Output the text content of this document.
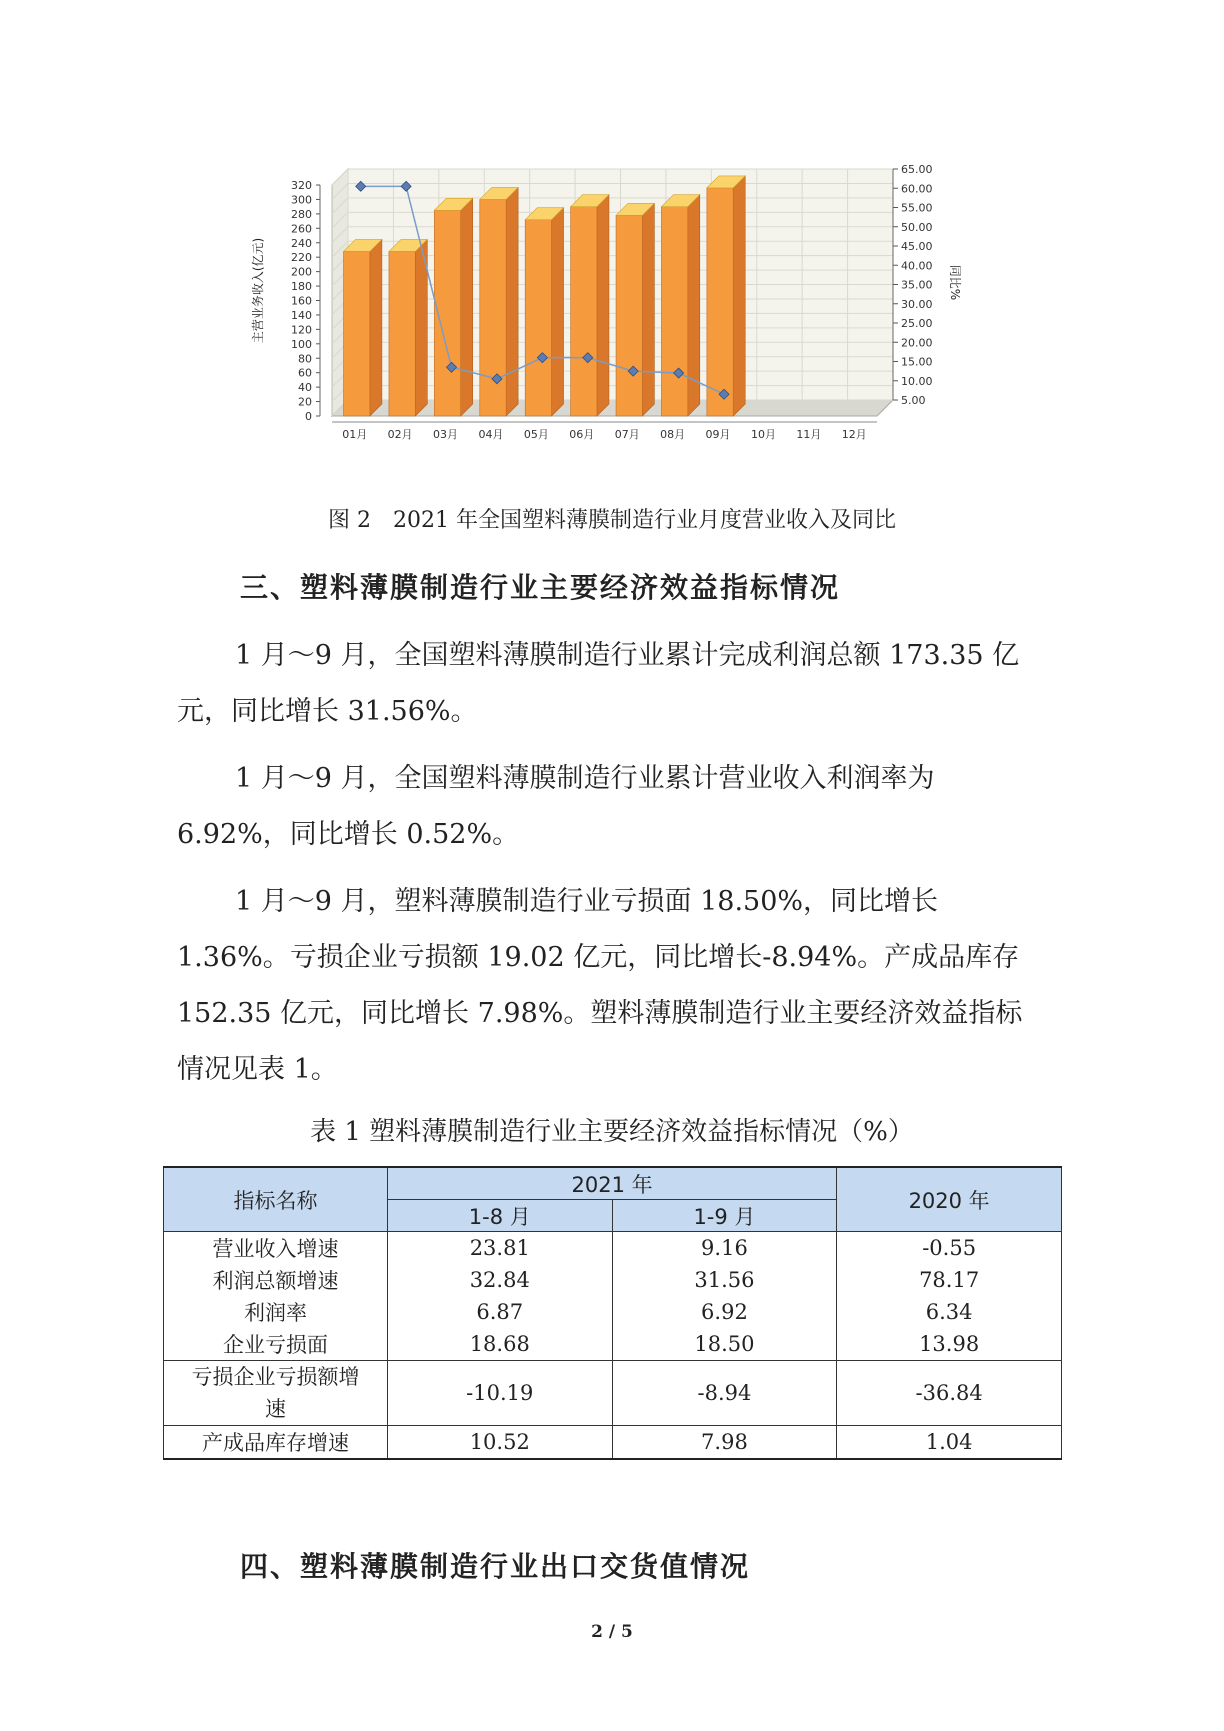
0
20
40
60
80
100
120
140
160
180
200
220
240
260
280
300
320
5.00
10.00
15.00
20.00
25.00
30.00
35.00
40.00
45.00
50.00
55.00
60.00
65.00
01月 02月 03月 04月 05月 06月 07月 08月 09月 10月 11月 12月
主营业务收入(亿元)	同比%
图 2　2021 年全国塑料薄膜制造行业月度营业收入及同比
三、塑料薄膜制造行业主要经济效益指标情况
1 月～9 月，全国塑料薄膜制造行业累计完成利润总额 173.35 亿元，同比增长 31.56%。
1 月～9 月，全国塑料薄膜制造行业累计营业收入利润率为 6.92%，同比增长 0.52%。
1 月～9 月，塑料薄膜制造行业亏损面 18.50%，同比增长 1.36%。亏损企业亏损额 19.02 亿元，同比增长-8.94%。产成品库存 152.35 亿元，同比增长 7.98%。塑料薄膜制造行业主要经济效益指标情况见表 1。
表 1 塑料薄膜制造行业主要经济效益指标情况（%）
指标名称	2021 年		2020 年
	1-8 月	1-9 月	
营业收入增速	23.81	9.16	-0.55
利润总额增速	32.84	31.56	78.17
利润率	6.87	6.92	6.34
企业亏损面	18.68	18.50	13.98

亏损企业亏损额增速	-10.19	-8.94	-36.84
产成品库存增速	10.52	7.98	1.04
四、塑料薄膜制造行业出口交货值情况
2 / 5
